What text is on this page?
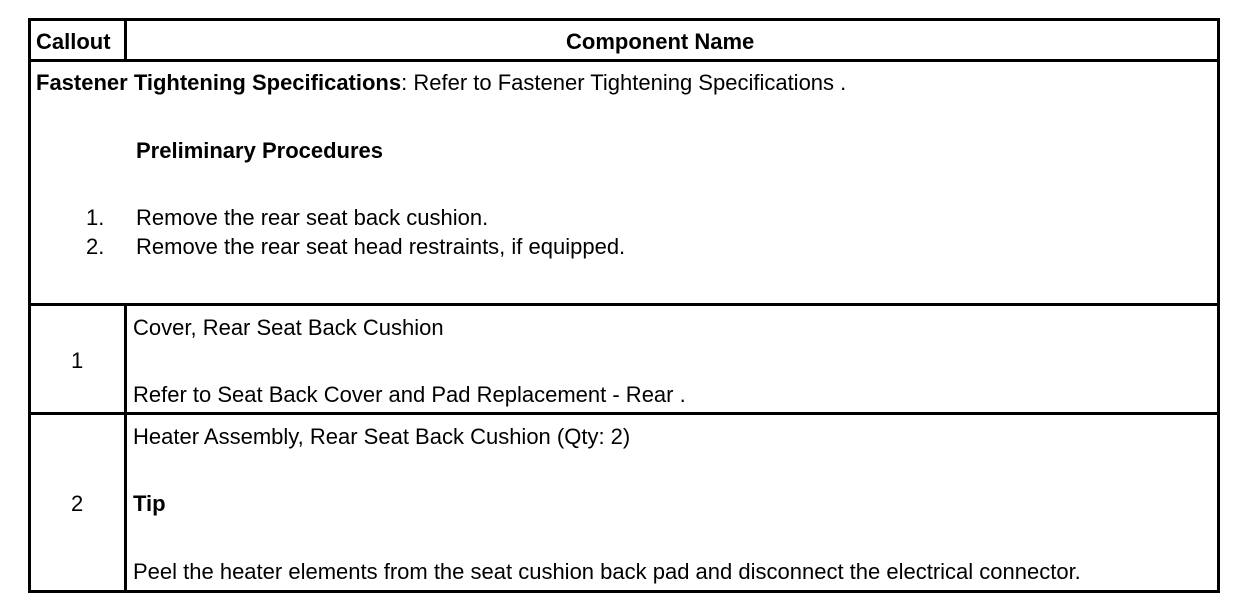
Callout	Component Name
Fastener Tightening Specifications: Refer to Fastener Tightening Specifications .
Preliminary Procedures
1. Remove the rear seat back cushion.
2. Remove the rear seat head restraints, if equipped.
1
Cover, Rear Seat Back Cushion
Refer to Seat Back Cover and Pad Replacement - Rear .
2
Heater Assembly, Rear Seat Back Cushion (Qty: 2)
Tip
Peel the heater elements from the seat cushion back pad and disconnect the electrical connector.
